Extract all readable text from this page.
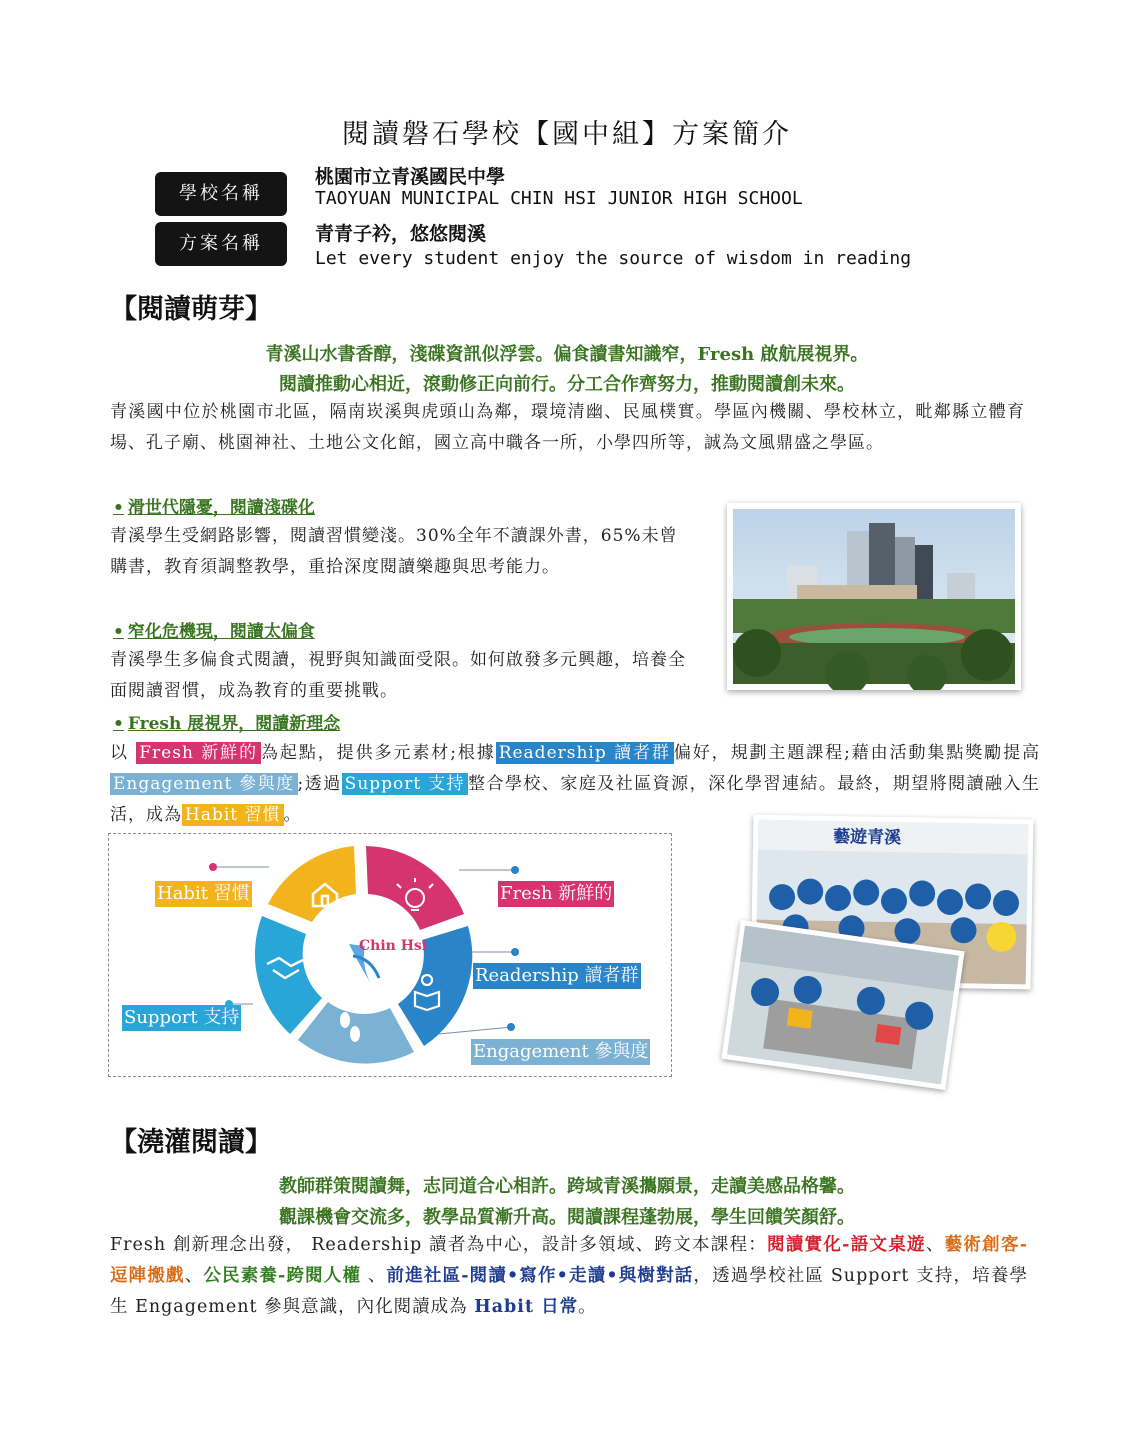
閱讀磐石學校【國中組】方案簡介
學校名稱
方案名稱
桃園市立青溪國民中學
TAOYUAN MUNICIPAL CHIN HSI JUNIOR HIGH SCHOOL
青青子衿，悠悠閱溪
Let every student enjoy the source of wisdom in reading
【閱讀萌芽】
青溪山水書香醇，淺碟資訊似浮雲。偏食讀書知識窄，Fresh 啟航展視界。
閱讀推動心相近，滾動修正向前行。分工合作齊努力，推動閱讀創未來。
青溪國中位於桃園市北區，隔南崁溪與虎頭山為鄰，環境清幽、民風樸實。學區內機關、學校林立，毗鄰縣立體育場、孔子廟、桃園神社、土地公文化館，國立高中職各一所，小學四所等，誠為文風鼎盛之學區。
• 滑世代隱憂，閱讀淺碟化
青溪學生受網路影響，閱讀習慣變淺。30%全年不讀課外書，65%未曾購書，教育須調整教學，重拾深度閱讀樂趣與思考能力。
• 窄化危機現，閱讀太偏食
青溪學生多偏食式閱讀，視野與知識面受限。如何啟發多元興趣，培養全面閱讀習慣，成為教育的重要挑戰。
• Fresh 展視界，閱讀新理念
以 Fresh 新鮮的 為起點，提供多元素材;根據 Readership 讀者群 偏好，規劃主題課程;藉由活動集點獎勵提高Engagement 參與度 ;透過 Support 支持 整合學校、家庭及社區資源，深化學習連結。最終，期望將閱讀融入生活，成為 Habit 習慣 。
Chin Hsi
Habit 習慣	Fresh 新鮮的
Readership 讀者群
Support 支持
Engagement 參與度
藝遊青溪
【澆灌閱讀】
教師群策閱讀舞，志同道合心相許。跨域青溪攜願景，走讀美感品格馨。
觀課機會交流多，教學品質漸升高。閱讀課程蓬勃展，學生回饋笑顏舒。
Fresh 創新理念出發， Readership 讀者為中心，設計多領域、跨文本課程：閱讀實化-語文桌遊、藝術創客-逗陣搬戲、公民素養-跨閱人權 、前進社區-閱讀•寫作•走讀•與樹對話，透過學校社區 Support 支持，培養學生 Engagement 參與意識，內化閱讀成為 Habit 日常。
